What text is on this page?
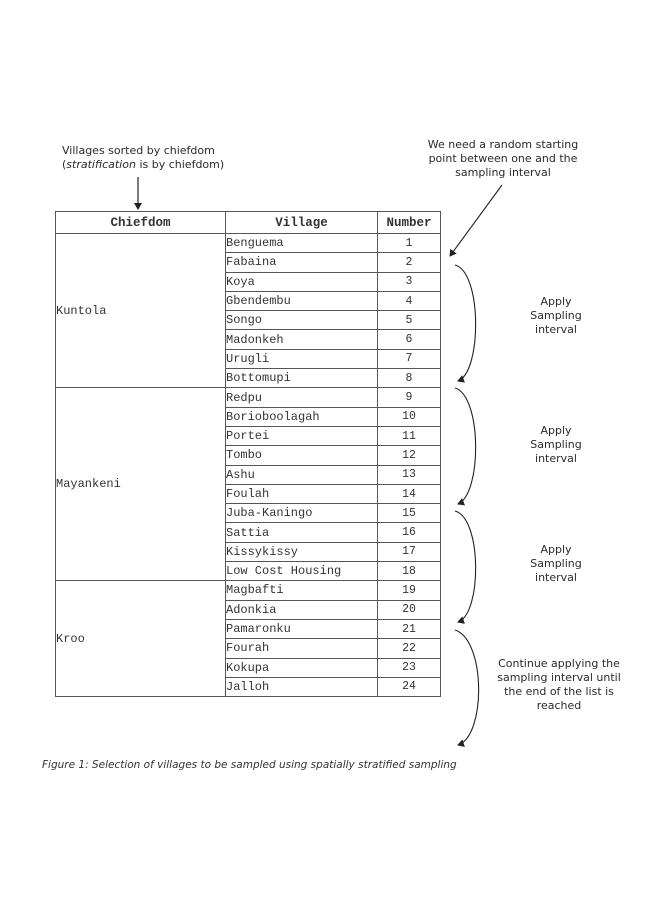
Villages sorted by chiefdom
(stratification is by chiefdom)
We need a random starting point between one and the sampling interval
Apply
Sampling
interval
Apply
Sampling
interval
Apply
Sampling
interval
Continue applying the sampling interval until the end of the list is reached
Chiefdom	Village	Number
Kuntola	Benguema	1
	Fabaina	2
	Koya	3
	Gbendembu	4
	Songo	5
	Madonkeh	6
	Urugli	7
	Bottomupi	8
Mayankeni	Redpu	9
	Borioboolagah	10
	Portei	11
	Tombo	12
	Ashu	13
	Foulah	14
	Juba-Kaningo	15
	Sattia	16
	Kissykissy	17
	Low Cost Housing	18
Kroo	Magbafti	19
	Adonkia	20
	Pamaronku	21
	Fourah	22
	Kokupa	23
	Jalloh	24
Figure 1: Selection of villages to be sampled using spatially stratified sampling
